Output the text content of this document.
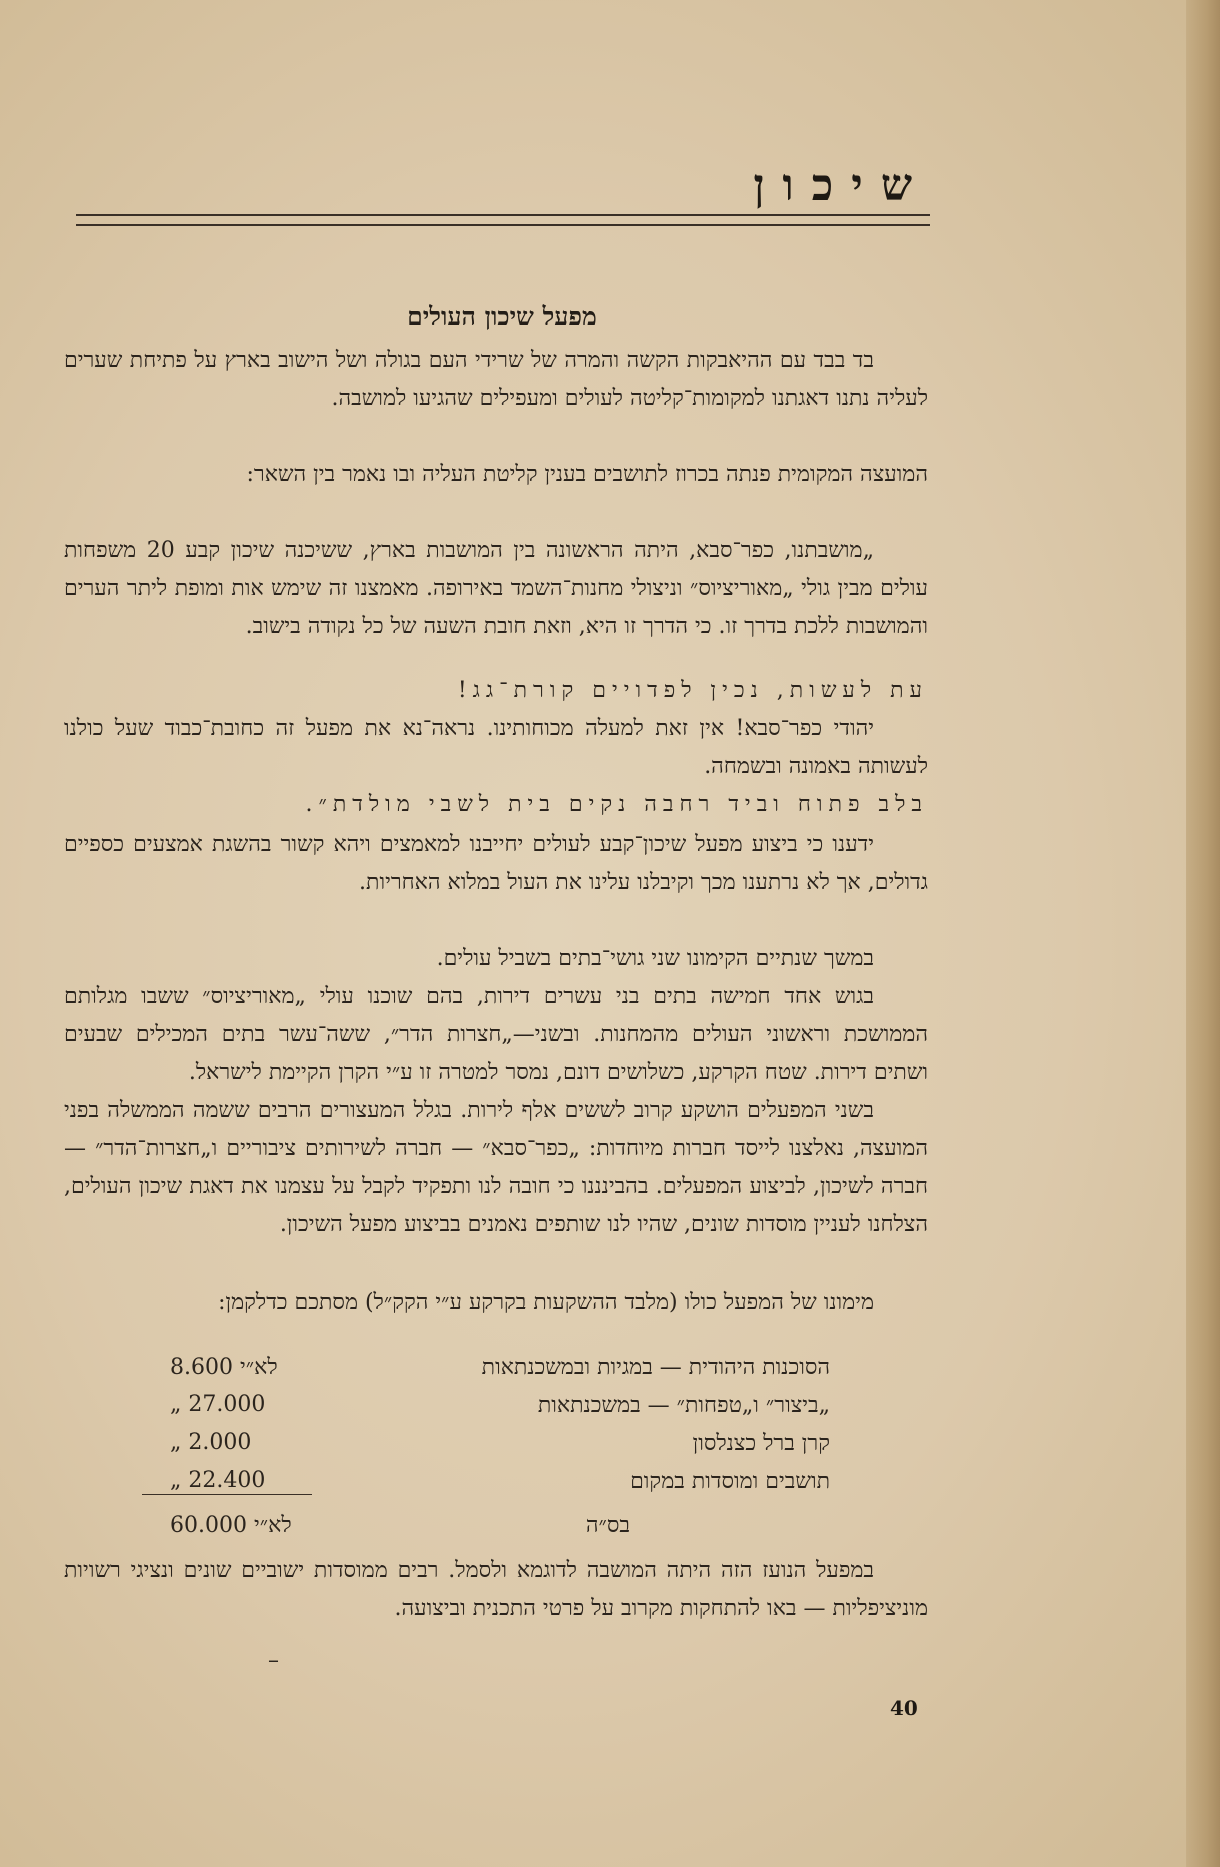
שיכון
מפעל שיכון העולים

בד בבד עם ההיאבקות הקשה והמרה של שרידי העם בגולה ושל הישוב בארץ על פתיחת שערים לעליה נתנו דאגתנו למקומות־קליטה לעולים ומעפילים שהגיעו למושבה.

המועצה המקומית פנתה בכרוז לתושבים בענין קליטת העליה ובו נאמר בין השאר:

„מושבתנו, כפר־סבא, היתה הראשונה בין המושבות בארץ, ששיכנה שיכון קבע 20 משפחות עולים מבין גולי „מאוריציוס״ וניצולי מחנות־השמד באירופה. מאמצנו זה שימש אות ומופת ליתר הערים והמושבות ללכת בדרך זו. כי הדרך זו היא, וזאת חובת השעה של כל נקודה בישוב.

עת לעשות, נכין לפדויים קורת־גג!

יהודי כפר־סבא! אין זאת למעלה מכוחותינו. נראה־נא את מפעל זה כחובת־כבוד שעל כולנו לעשותה באמונה ובשמחה.

בלב פתוח וביד רחבה נקים בית לשבי מולדת״.

ידענו כי ביצוע מפעל שיכון־קבע לעולים יחייבנו למאמצים ויהא קשור בהשגת אמצעים כספיים גדולים, אך לא נרתענו מכך וקיבלנו עלינו את העול במלוא האחריות.

במשך שנתיים הקימונו שני גושי־בתים בשביל עולים.

בגוש אחד חמישה בתים בני עשרים דירות, בהם שוכנו עולי „מאוריציוס״ ששבו מגלותם הממושכת וראשוני העולים מהמחנות. ובשני—„חצרות הדר״, ששה־עשר בתים המכילים שבעים ושתים דירות. שטח הקרקע, כשלושים דונם, נמסר למטרה זו ע״י הקרן הקיימת לישראל.

בשני המפעלים הושקע קרוב לששים אלף לירות. בגלל המעצורים הרבים ששמה הממשלה בפני המועצה, נאלצנו לייסד חברות מיוחדות: „כפר־סבא״ — חברה לשירותים ציבוריים ו„חצרות־הדר״ — חברה לשיכון, לביצוע המפעלים. בהבינננו כי חובה לנו ותפקיד לקבל על עצמנו את דאגת שיכון העולים, הצלחנו לעניין מוסדות שונים, שהיו לנו שותפים נאמנים בביצוע מפעל השיכון.

מימונו של המפעל כולו (מלבד ההשקעות בקרקע ע״י הקק״ל) מסתכם כדלקמן:

הסוכנות היהודית — במגיות ובמשכנתאות
8.600 לא״י
„ביצור״ ו„טפחות״ — במשכנתאות
„ 27.000
קרן ברל כצנלסון
„ 2.000
תושבים ומוסדות במקום
„ 22.400
בס״ה
60.000 לא״י

במפעל הנועז הזה היתה המושבה לדוגמא ולסמל. רבים ממוסדות ישוביים שונים ונציגי רשויות מוניציפליות — באו להתחקות מקרוב על פרטי התכנית וביצועה.

–
40
